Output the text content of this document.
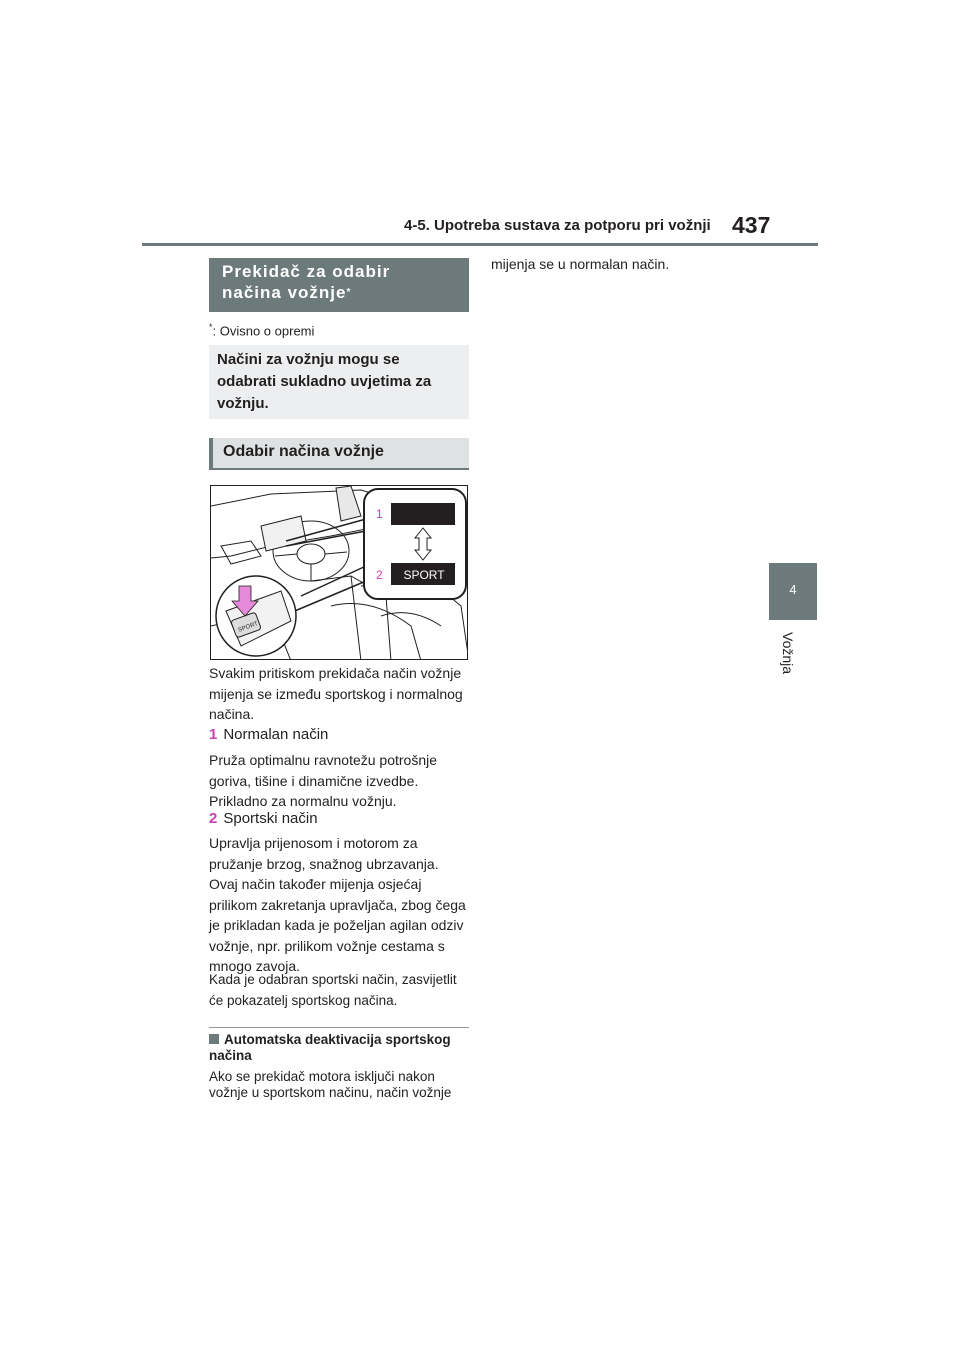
4-5. Upotreba sustava za potporu pri vožnji 437
4
Vožnja
Prekidač za odabir
načina vožnje*
*: Ovisno o opremi
Načini za vožnju mogu se odabrati sukladno uvjetima za vožnju.
Odabir načina vožnje
SPORT
SPORT
1
2
Svakim pritiskom prekidača način vožnje mijenja se između sportskog i normalnog načina.
1 Normalan način
Pruža optimalnu ravnotežu potrošnje goriva, tišine i dinamične izvedbe. Prikladno za normalnu vožnju.
2 Sportski način
Upravlja prijenosom i motorom za pružanje brzog, snažnog ubrzavanja. Ovaj način također mijenja osjećaj prilikom zakretanja upravljača, zbog čega je prikladan kada je poželjan agilan odziv vožnje, npr. prilikom vožnje cestama s mnogo zavoja.
Kada je odabran sportski način, zasvijetlit će pokazatelj sportskog načina.
Automatska deaktivacija sportskog načina
Ako se prekidač motora isključi nakon vožnje u sportskom načinu, način vožnje
mijenja se u normalan način.
